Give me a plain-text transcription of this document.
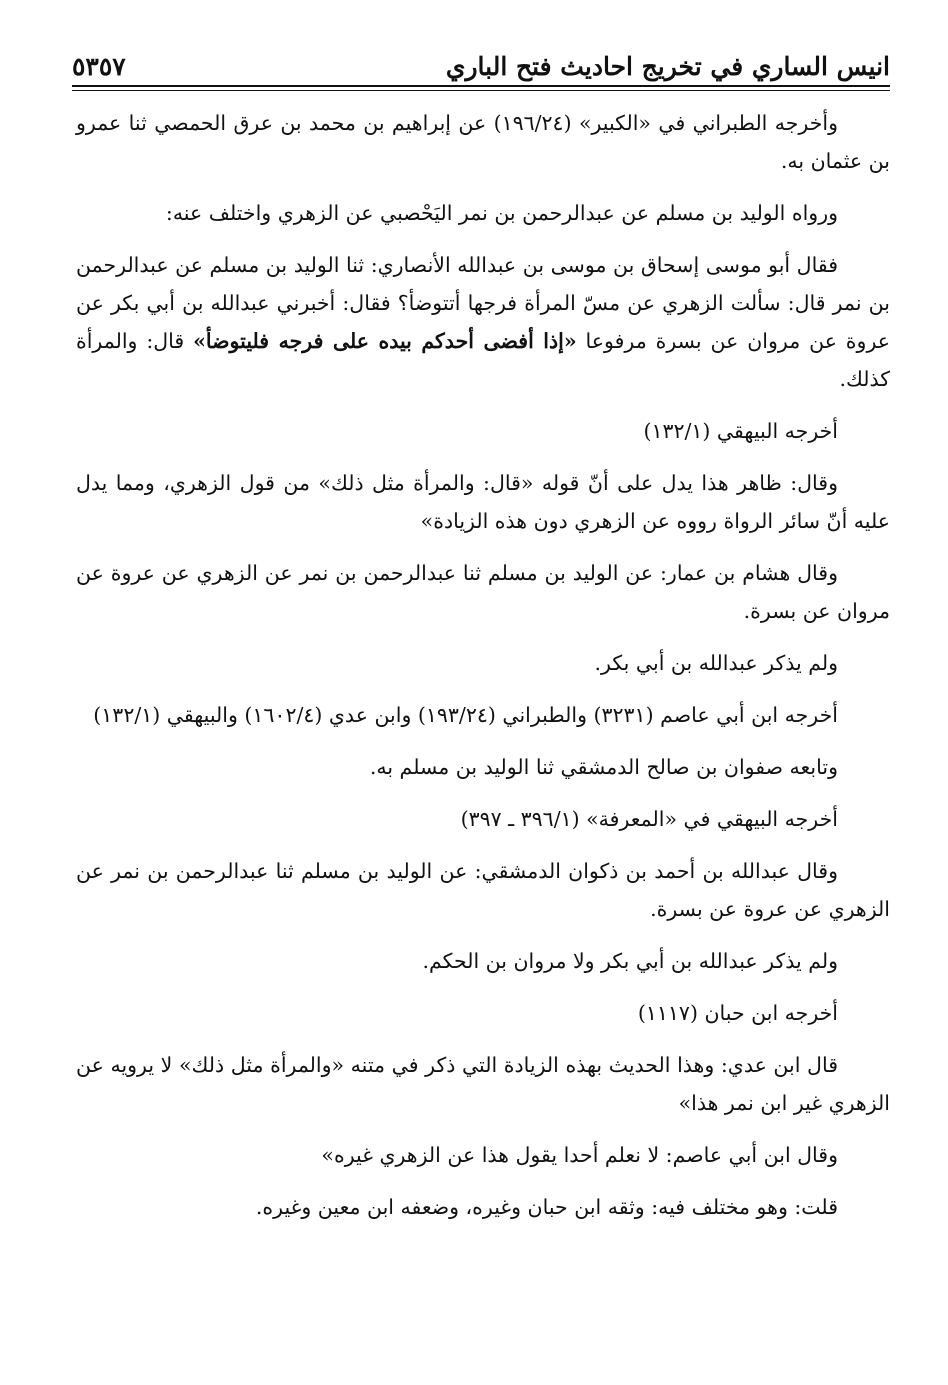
انيس الساري في تخريج احاديث فتح الباري
٥٣٥٧

وأخرجه الطبراني في «الكبير» (١٩٦/٢٤) عن إبراهيم بن محمد بن عرق الحمصي ثنا عمرو بن عثمان به.

ورواه الوليد بن مسلم عن عبدالرحمن بن نمر اليَحْصبي عن الزهري واختلف عنه:

فقال أبو موسى إسحاق بن موسى بن عبدالله الأنصاري: ثنا الوليد بن مسلم عن عبدالرحمن بن نمر قال: سألت الزهري عن مسّ المرأة فرجها أتتوضأ؟ فقال: أخبرني عبدالله بن أبي بكر عن عروة عن مروان عن بسرة مرفوعا «إذا أفضى أحدكم بيده على فرجه فليتوضأ» قال: والمرأة كذلك.

أخرجه البيهقي (١٣٢/١)

وقال: ظاهر هذا يدل على أنّ قوله «قال: والمرأة مثل ذلك» من قول الزهري، ومما يدل عليه أنّ سائر الرواة رووه عن الزهري دون هذه الزيادة»

وقال هشام بن عمار: عن الوليد بن مسلم ثنا عبدالرحمن بن نمر عن الزهري عن عروة عن مروان عن بسرة.

ولم يذكر عبدالله بن أبي بكر.

أخرجه ابن أبي عاصم (٣٢٣١) والطبراني (١٩٣/٢٤) وابن عدي (١٦٠٢/٤) والبيهقي (١٣٢/١)

وتابعه صفوان بن صالح الدمشقي ثنا الوليد بن مسلم به.

أخرجه البيهقي في «المعرفة» (٣٩٦/١ ـ ٣٩٧)

وقال عبدالله بن أحمد بن ذكوان الدمشقي: عن الوليد بن مسلم ثنا عبدالرحمن بن نمر عن الزهري عن عروة عن بسرة.

ولم يذكر عبدالله بن أبي بكر ولا مروان بن الحكم.

أخرجه ابن حبان (١١١٧)

قال ابن عدي: وهذا الحديث بهذه الزيادة التي ذكر في متنه «والمرأة مثل ذلك» لا يرويه عن الزهري غير ابن نمر هذا»

وقال ابن أبي عاصم: لا نعلم أحدا يقول هذا عن الزهري غيره»

قلت: وهو مختلف فيه: وثقه ابن حبان وغيره، وضعفه ابن معين وغيره.
